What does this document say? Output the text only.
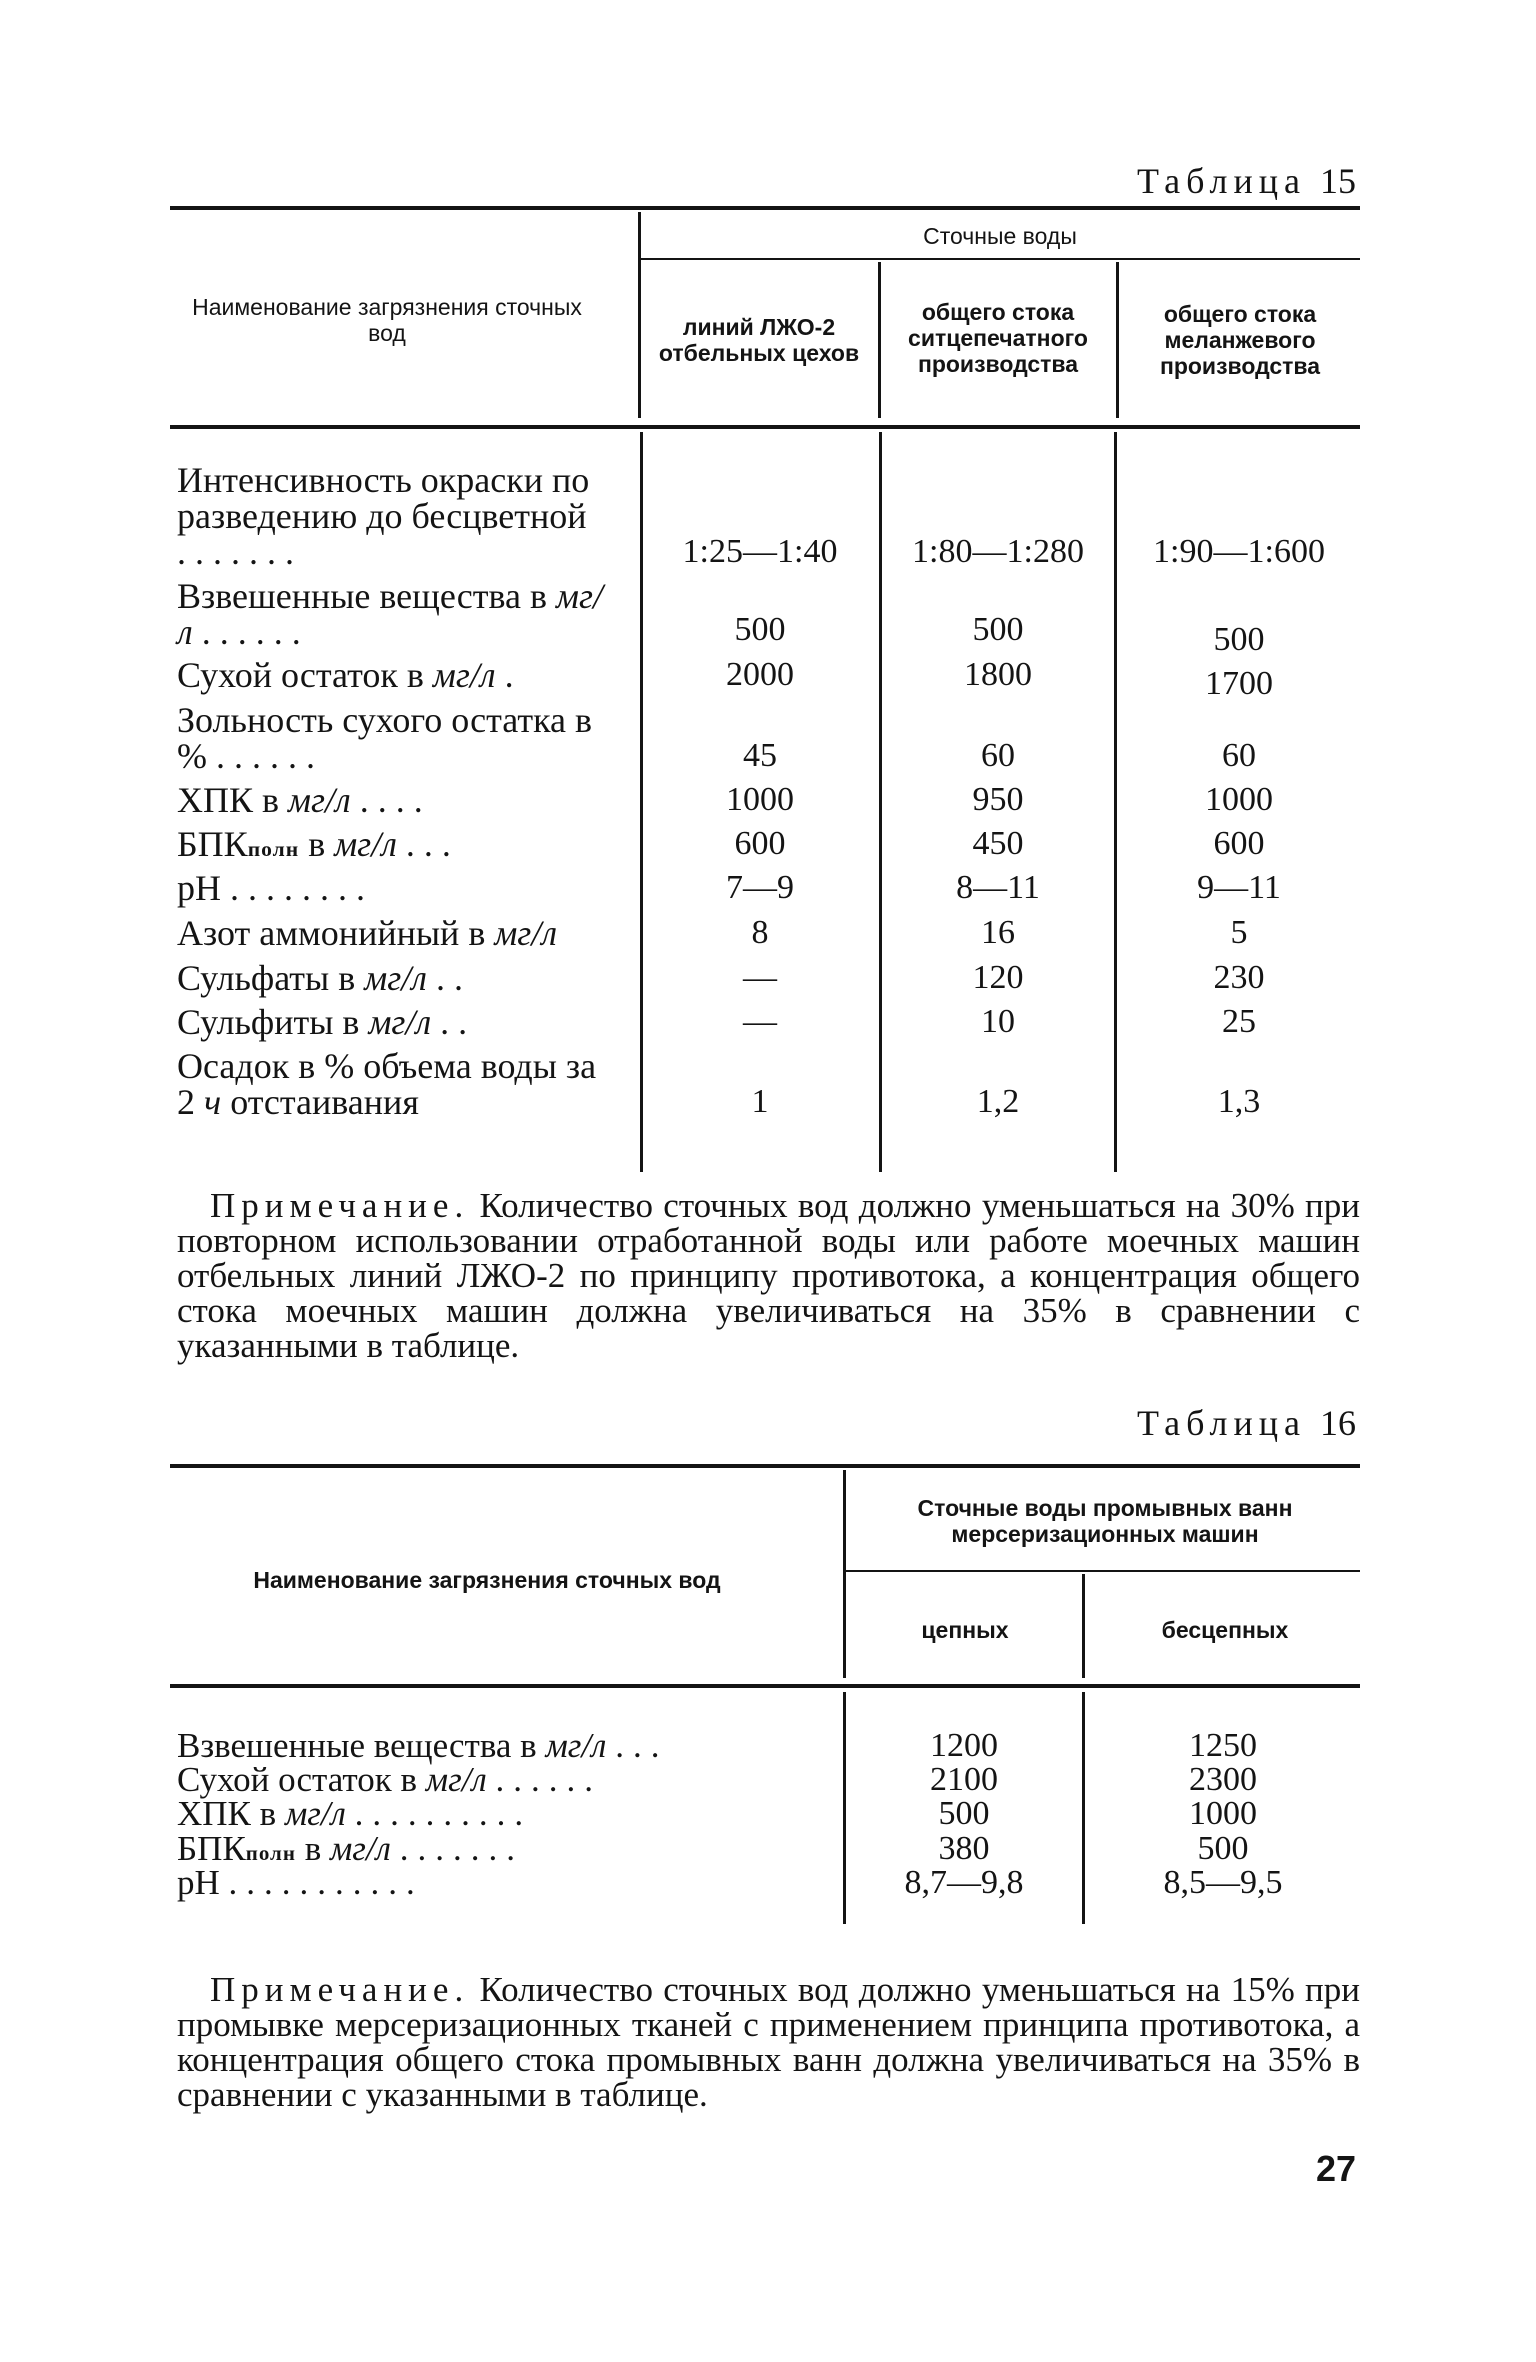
Таблица 15
Наименование загрязнения сточных вод
Сточные воды
линий ЛЖО-2 отбельных цехов
общего стока ситцепечатного производства
общего стока меланжевого производства
Интенсивность окраски по разведению до бесцветной .......	1:25—1:40	1:80—1:280	1:90—1:600
Взвешенные вещества в мг/л ......	500	500	500
Сухой остаток в мг/л .	2000	1800	1700
Зольность сухого остатка в % ......	45	60	60
ХПК в мг/л ....	1000	950	1000
БПКполн в мг/л ...	600	450	600
рН ........	7—9	8—11	9—11
Азот аммонийный в мг/л	8	16	5
Сульфаты в мг/л ..	—	120	230
Сульфиты в мг/л ..	—	10	25
Осадок в % объема воды за 2 ч отстаивания	1	1,2	1,3
Примечание. Количество сточных вод должно уменьшаться на 30% при повторном использовании отработанной воды или работе моечных машин отбельных линий ЛЖО-2 по принципу противотока, а концентрация общего стока моечных машин должна увеличиваться на 35% в сравнении с указанными в таблице.
Таблица 16
Наименование загрязнения сточных вод
Сточные воды промывных ванн мерсеризационных машин
цепных	бесцепных
Взвешенные вещества в мг/л ...	1200	1250
Сухой остаток в мг/л ......	2100	2300
ХПК в мг/л ..........	500	1000
БПКполн в мг/л .......	380	500
рН ...........	8,7—9,8	8,5—9,5
Примечание. Количество сточных вод должно уменьшаться на 15% при промывке мерсеризационных тканей с применением принципа противотока, а концентрация общего стока промывных ванн должна увеличиваться на 35% в сравнении с указанными в таблице.
27
